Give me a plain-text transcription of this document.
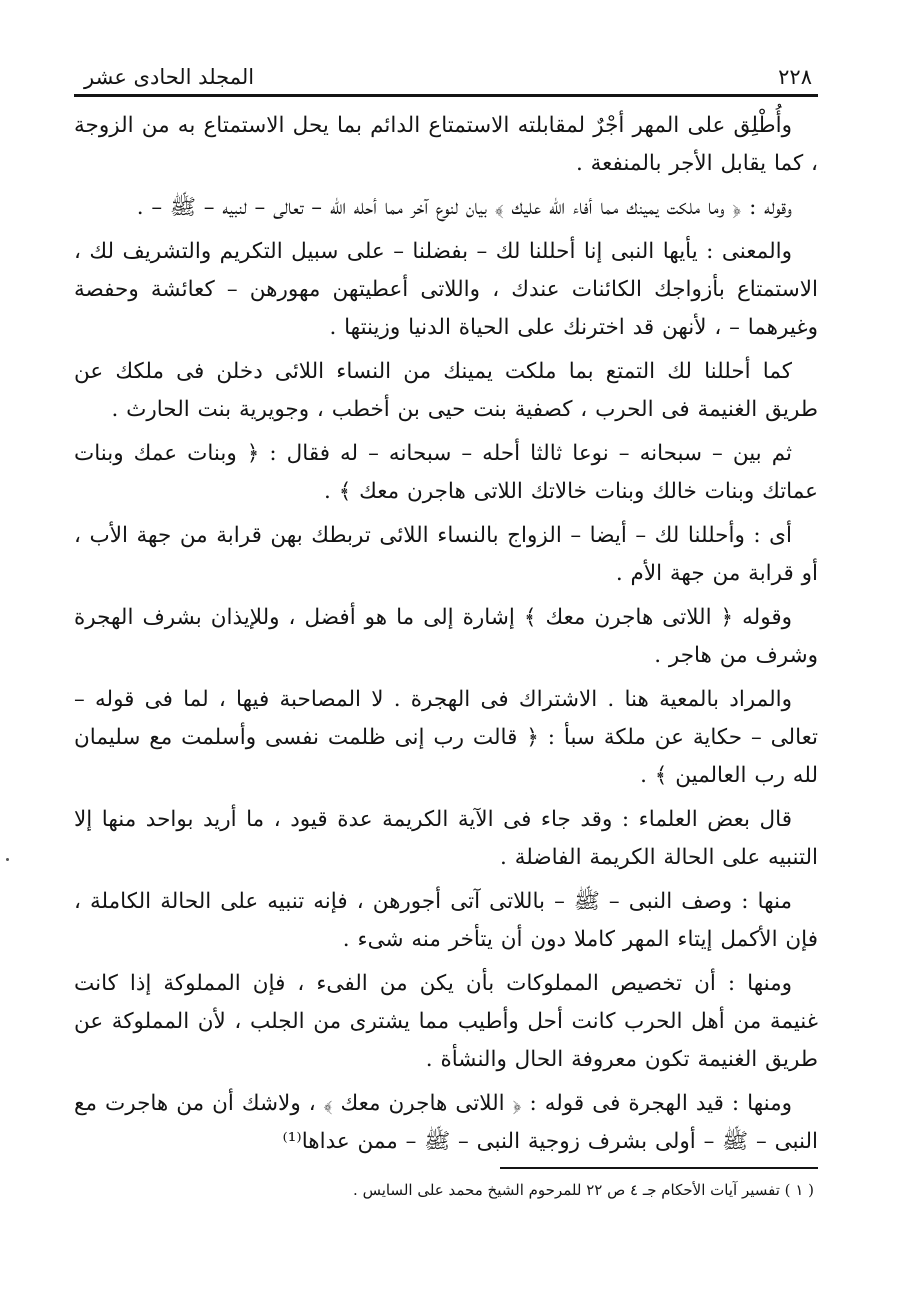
٢٢٨
المجلد الحادى عشر

وأُطْلِق على المهر أجْرٌ لمقابلته الاستمتاع الدائم بما يحل الاستمتاع به من الزوجة ، كما يقابل الأجر بالمنفعة .

وقوله : ﴿ وما ملكت يمينك مما أفاء الله عليك ﴾ بيان لنوع آخر مما أحله الله – تعالى – لنبيه – ﷺ – .

والمعنى : يأيها النبى إنا أحللنا لك – بفضلنا – على سبيل التكريم والتشريف لك ، الاستمتاع بأزواجك الكائنات عندك ، واللاتى أعطيتهن مهورهن – كعائشة وحفصة وغيرهما – ، لأنهن قد اخترنك على الحياة الدنيا وزينتها .

كما أحللنا لك التمتع بما ملكت يمينك من النساء اللائى دخلن فى ملكك عن طريق الغنيمة فى الحرب ، كصفية بنت حيى بن أخطب ، وجويرية بنت الحارث .

ثم بين – سبحانه – نوعا ثالثا أحله – سبحانه – له فقال : ﴿ وبنات عمك وبنات عماتك وبنات خالك وبنات خالاتك اللاتى هاجرن معك ﴾ .

أى : وأحللنا لك – أيضا – الزواج بالنساء اللائى تربطك بهن قرابة من جهة الأب ، أو قرابة من جهة الأم .

وقوله ﴿ اللاتى هاجرن معك ﴾ إشارة إلى ما هو أفضل ، وللإيذان بشرف الهجرة وشرف من هاجر .

والمراد بالمعية هنا . الاشتراك فى الهجرة . لا المصاحبة فيها ، لما فى قوله – تعالى – حكاية عن ملكة سبأ : ﴿ قالت رب إنى ظلمت نفسى وأسلمت مع سليمان لله رب العالمين ﴾ .

قال بعض العلماء : وقد جاء فى الآية الكريمة عدة قيود ، ما أريد بواحد منها إلا التنبيه على الحالة الكريمة الفاضلة .

منها : وصف النبى – ﷺ – باللاتى آتى أجورهن ، فإنه تنبيه على الحالة الكاملة ، فإن الأكمل إيتاء المهر كاملا دون أن يتأخر منه شىء .

ومنها : أن تخصيص المملوكات بأن يكن من الفىء ، فإن المملوكة إذا كانت غنيمة من أهل الحرب كانت أحل وأطيب مما يشترى من الجلب ، لأن المملوكة عن طريق الغنيمة تكون معروفة الحال والنشأة .

ومنها : قيد الهجرة فى قوله : ﴿ اللاتى هاجرن معك ﴾ ، ولاشك أن من هاجرت مع النبى – ﷺ – أولى بشرف زوجية النبى – ﷺ – ممن عداها⁽¹⁾

( ١ ) تفسير آيات الأحكام جـ ٤ ص ٢٢ للمرحوم الشيخ محمد على السايس .
